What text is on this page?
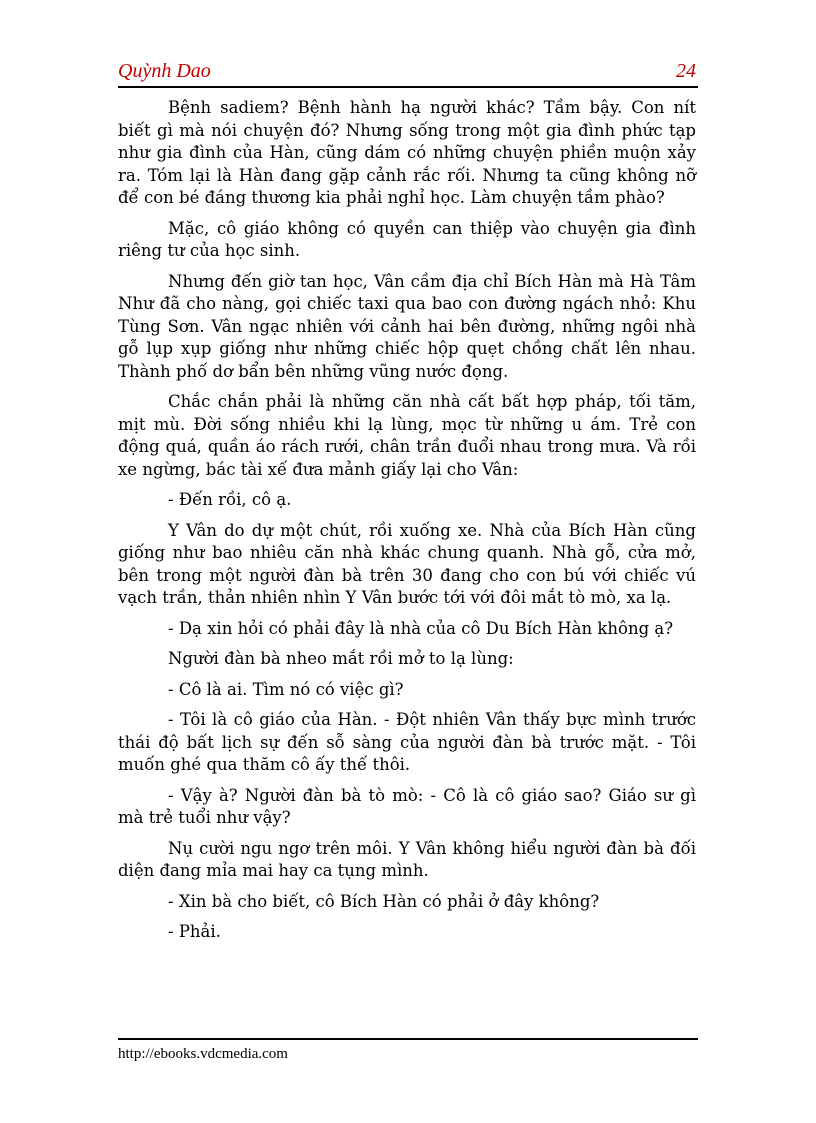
Quỳnh Dao	24

Bệnh sadiem? Bệnh hành hạ người khác? Tầm bậy. Con nít biết gì mà nói chuyện đó? Nhưng sống trong một gia đình phức tạp như gia đình của Hàn, cũng dám có những chuyện phiền muộn xảy ra. Tóm lại là Hàn đang gặp cảnh rắc rối. Nhưng ta cũng không nỡ để con bé đáng thương kia phải nghỉ học. Làm chuyện tầm phào?

Mặc, cô giáo không có quyền can thiệp vào chuyện gia đình riêng tư của học sinh.

Nhưng đến giờ tan học, Vân cầm địa chỉ Bích Hàn mà Hà Tâm Như đã cho nàng, gọi chiếc taxi qua bao con đường ngách nhỏ: Khu Tùng Sơn. Vân ngạc nhiên với cảnh hai bên đường, những ngôi nhà gỗ lụp xụp giống như những chiếc hộp quẹt chồng chất lên nhau. Thành phố dơ bẩn bên những vũng nước đọng.

Chắc chắn phải là những căn nhà cất bất hợp pháp, tối tăm, mịt mù. Đời sống nhiều khi lạ lùng, mọc từ những u ám. Trẻ con động quá, quần áo rách rưới, chân trần đuổi nhau trong mưa. Và rồi xe ngừng, bác tài xế đưa mảnh giấy lại cho Vân:

- Đến rồi, cô ạ.

Y Vân do dự một chút, rồi xuống xe. Nhà của Bích Hàn cũng giống như bao nhiêu căn nhà khác chung quanh. Nhà gỗ, cửa mở, bên trong một người đàn bà trên 30 đang cho con bú với chiếc vú vạch trần, thản nhiên nhìn Y Vân bước tới với đôi mắt tò mò, xa lạ.

- Dạ xin hỏi có phải đây là nhà của cô Du Bích Hàn không ạ?

Người đàn bà nheo mắt rồi mở to lạ lùng:

- Cô là ai. Tìm nó có việc gì?

- Tôi là cô giáo của Hàn. - Đột nhiên Vân thấy bực mình trước thái độ bất lịch sự đến sỗ sàng của người đàn bà trước mặt. - Tôi muốn ghé qua thăm cô ấy thế thôi.

- Vậy à? Người đàn bà tò mò: - Cô là cô giáo sao? Giáo sư gì mà trẻ tuổi như vậy?

Nụ cười ngu ngơ trên môi. Y Vân không hiểu người đàn bà đối diện đang mỉa mai hay ca tụng mình.

- Xin bà cho biết, cô Bích Hàn có phải ở đây không?

- Phải.

http://ebooks.vdcmedia.com
